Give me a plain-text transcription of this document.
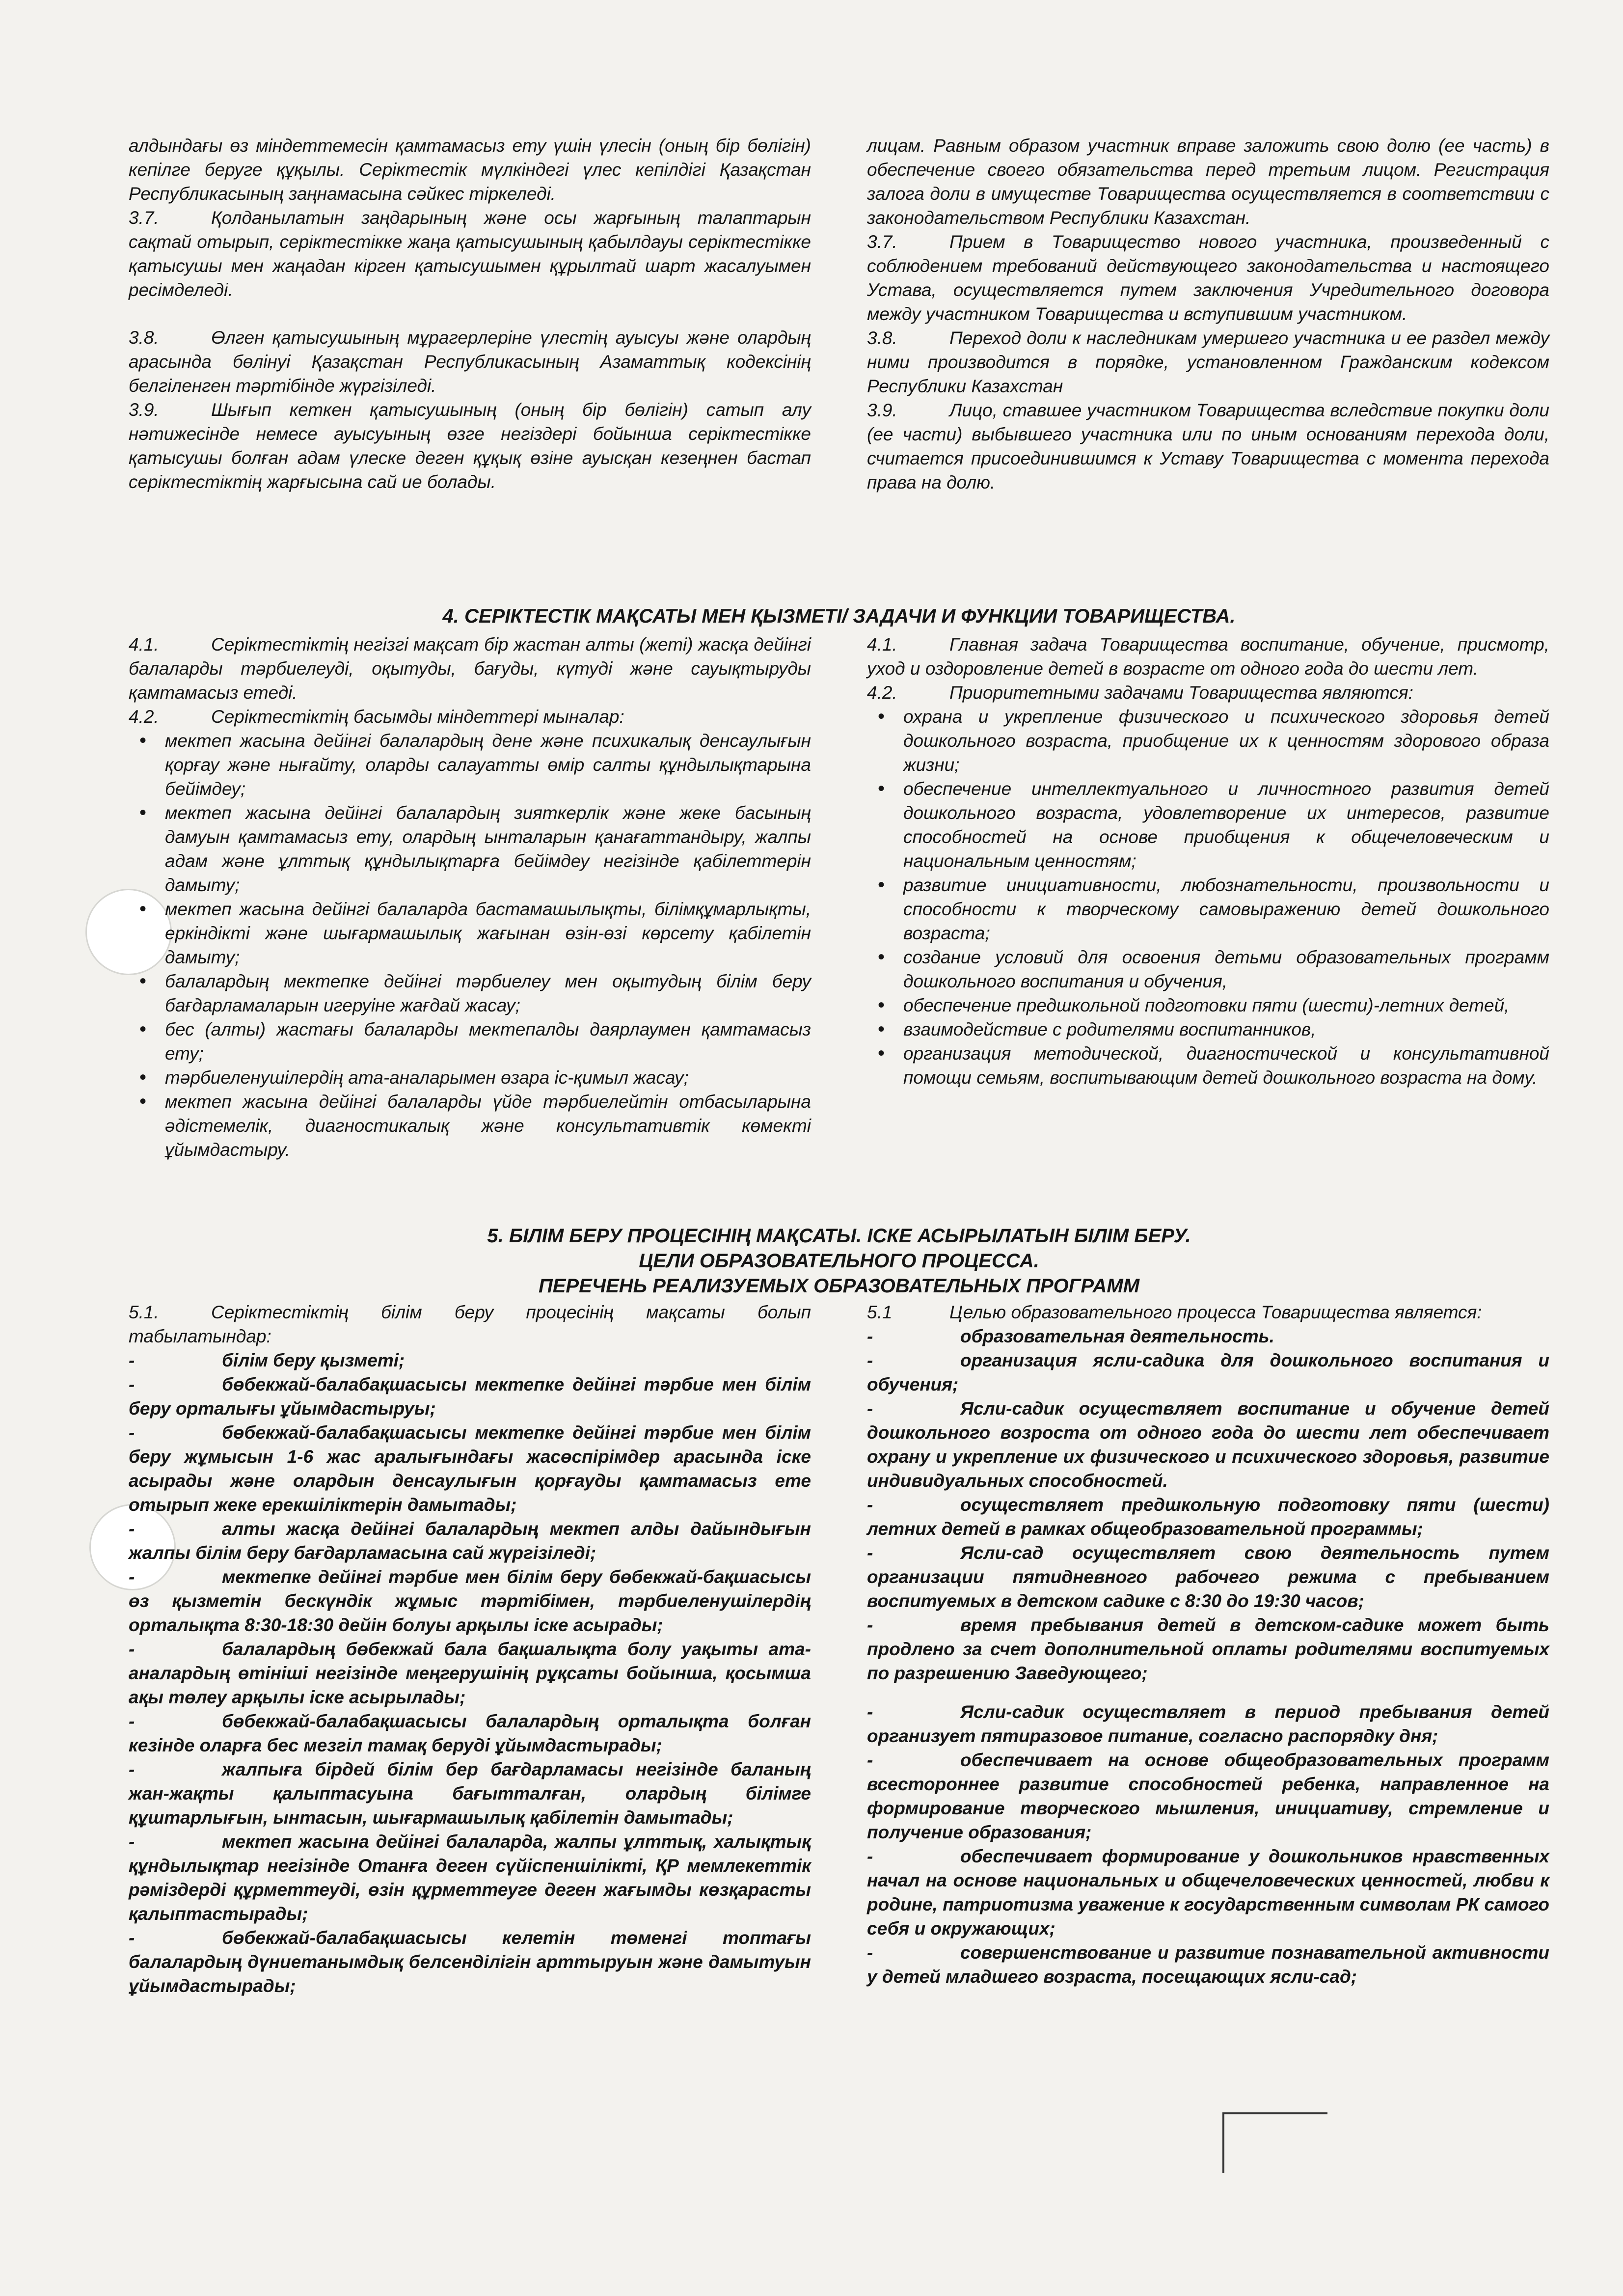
алдындағы өз міндеттемесін қамтамасыз ету үшін үлесін (оның бір бөлігін) кепілге беруге құқылы. Серіктестік мүлкіндегі үлес кепілдігі Қазақстан Республикасының заңнамасына сәйкес тіркеледі.

3.7.	Қолданылатын заңдарының және осы жарғының талаптарын сақтай отырып, серіктестікке жаңа қатысушының қабылдауы серіктестікке қатысушы мен жаңадан кірген қатысушымен құрылтай шарт жасалуымен ресімделеді.

3.8.	Өлген қатысушының мұрагерлеріне үлестің ауысуы және олардың арасында бөлінуі Қазақстан Республикасының Азаматтық кодексінің белгіленген тәртібінде жүргізіледі.

3.9.	Шығып кеткен қатысушының (оның бір бөлігін) сатып алу нәтижесінде немесе ауысуының өзге негіздері бойынша серіктестікке қатысушы болған адам үлеске деген құқық өзіне ауысқан кезеңнен бастап серіктестіктің жарғысына сай ие болады.

лицам. Равным образом участник вправе заложить свою долю (ее часть) в обеспечение своего обязательства перед третьим лицом. Регистрация залога доли в имуществе Товарищества осуществляется в соответствии с законодательством Республики Казахстан.

3.7.	Прием в Товарищество нового участника, произведенный с соблюдением требований действующего законодательства и настоящего Устава, осуществляется путем заключения Учредительного договора между участником Товарищества и вступившим участником.

3.8.	Переход доли к наследникам умершего участника и ее раздел между ними производится в порядке, установленном Гражданским кодексом Республики Казахстан

3.9.	Лицо, ставшее участником Товарищества вследствие покупки доли (ее части) выбывшего участника или по иным основаниям перехода доли, считается присоединившимся к Уставу Товарищества с момента перехода права на долю.

4. СЕРІКТЕСТІК МАҚСАТЫ МЕН ҚЫЗМЕТІ/ ЗАДАЧИ И ФУНКЦИИ ТОВАРИЩЕСТВА.

4.1.	Серіктестіктің негізгі мақсат бір жастан алты (жеті) жасқа дейінгі балаларды тәрбиелеуді, оқытуды, бағуды, күтуді және сауықтыруды қамтамасыз етеді.

4.2.	Серіктестіктің басымды міндеттері мыналар:

• мектеп жасына дейінгі балалардың дене және психикалық денсаулығын қорғау және нығайту, оларды салауатты өмір салты құндылықтарына бейімдеу;
• мектеп жасына дейінгі балалардың зияткерлік және жеке басының дамуын қамтамасыз ету, олардың ынталарын қанағаттандыру, жалпы адам және ұлттық құндылықтарға бейімдеу негізінде қабілеттерін дамыту;
• мектеп жасына дейінгі балаларда бастамашылықты, білімқұмарлықты, еркіндікті және шығармашылық жағынан өзін-өзі көрсету қабілетін дамыту;
• балалардың мектепке дейінгі тәрбиелеу мен оқытудың білім беру бағдарламаларын игеруіне жағдай жасау;
• бес (алты) жастағы балаларды мектепалды даярлаумен қамтамасыз ету;
• тәрбиеленушілердің ата-аналарымен өзара іс-қимыл жасау;
• мектеп жасына дейінгі балаларды үйде тәрбиелейтін отбасыларына әдістемелік, диагностикалық және консультативтік көмекті ұйымдастыру.

4.1.	Главная задача Товарищества воспитание, обучение, присмотр, уход и оздоровление детей в возрасте от одного года до шести лет.

4.2.	Приоритетными задачами Товарищества являются:

• охрана и укрепление физического и психического здоровья детей дошкольного возраста, приобщение их к ценностям здорового образа жизни;
• обеспечение интеллектуального и личностного развития детей дошкольного возраста, удовлетворение их интересов, развитие способностей на основе приобщения к общечеловеческим и национальным ценностям;
• развитие инициативности, любознательности, произвольности и способности к творческому самовыражению детей дошкольного возраста;
• создание условий для освоения детьми образовательных программ дошкольного воспитания и обучения,
• обеспечение предшкольной подготовки пяти (шести)-летних детей,
• взаимодействие с родителями воспитанников,
• организация методической, диагностической и консультативной помощи семьям, воспитывающим детей дошкольного возраста на дому.
5. БІЛІМ БЕРУ ПРОЦЕСІНІҢ МАҚСАТЫ. ІСКЕ АСЫРЫЛАТЫН БІЛІМ БЕРУ.
ЦЕЛИ ОБРАЗОВАТЕЛЬНОГО ПРОЦЕССА.
ПЕРЕЧЕНЬ РЕАЛИЗУЕМЫХ ОБРАЗОВАТЕЛЬНЫХ ПРОГРАММ

5.1.	Серіктестіктің білім беру процесінің мақсаты болып табылатындар:

-	білім беру қызметі;

-	бөбекжай-балабақшасысы мектепке дейінгі тәрбие мен білім беру орталығы ұйымдастыруы;

-	бөбекжай-балабақшасысы мектепке дейінгі тәрбие мен білім беру жұмысын 1-6 жас аралығындағы жасөспірімдер арасында іске асырады және олардын денсаулығын қорғауды қамтамасыз ете отырып жеке ерекшіліктерін дамытады;

-	алты жасқа дейінгі балалардың мектеп алды дайындығын жалпы білім беру бағдарламасына сай жүргізіледі;

-	мектепке дейінгі тәрбие мен білім беру бөбекжай-бақшасысы өз қызметін бескүндік жұмыс тәртібімен, тәрбиеленушілердің орталықта 8:30-18:30 дейін болуы арқылы іске асырады;

-	балалардың бөбекжай бала бақшалықта болу уақыты ата-аналардың өтініші негізінде меңгерушінің рұқсаты бойынша, қосымша ақы төлеу арқылы іске асырылады;

-	бөбекжай-балабақшасысы балалардың орталықта болған кезінде оларға бес мезгіл тамақ беруді ұйымдастырады;

-	жалпыға бірдей білім бер бағдарламасы негізінде баланың жан-жақты қалыптасуына бағытталған, олардың білімге құштарлығын, ынтасын, шығармашылық қабілетін дамытады;

-	мектеп жасына дейінгі балаларда, жалпы ұлттық, халықтық құндылықтар негізінде Отанға деген сүйіспеншілікті, ҚР мемлекеттік рәміздерді құрметтеуді, өзін құрметтеуге деген жағымды көзқарасты қалыптастырады;

-	бөбекжай-балабақшасысы келетін төменгі топтағы балалардың дүниетанымдық белсенділігін арттыруын және дамытуын ұйымдастырады;

5.1	Целью образовательного процесса Товарищества является:

-	образовательная деятельность.

-	организация ясли-садика для дошкольного воспитания и обучения;

-	Ясли-садик осуществляет воспитание и обучение детей дошкольного возроста от одного года до шести лет обеспечивает охрану и укрепление их физического и психического здоровья, развитие индивидуальных способностей.

-	осуществляет предшкольную подготовку пяти (шести) летних детей в рамках общеобразовательной программы;

-	Ясли-сад осуществляет свою деятельность путем организации пятидневного рабочего режима с пребыванием воспитуемых в детском садике с 8:30 до 19:30 часов;

-	время пребывания детей в детском-садике может быть продлено за счет дополнительной оплаты родителями воспитуемых по разрешению Заведующего;

-	Ясли-садик осуществляет в период пребывания детей организует пятиразовое питание, согласно распорядку дня;

-	обеспечивает на основе общеобразовательных программ всестороннее развитие способностей ребенка, направленное на формирование творческого мышления, инициативу, стремление и получение образования;

-	обеспечивает формирование у дошкольников нравственных начал на основе национальных и общечеловеческих ценностей, любви к родине, патриотизма уважение к государственным символам РК самого себя и окружающих;

-	совершенствование и развитие познавательной активности у детей младшего возраста, посещающих ясли-сад;
